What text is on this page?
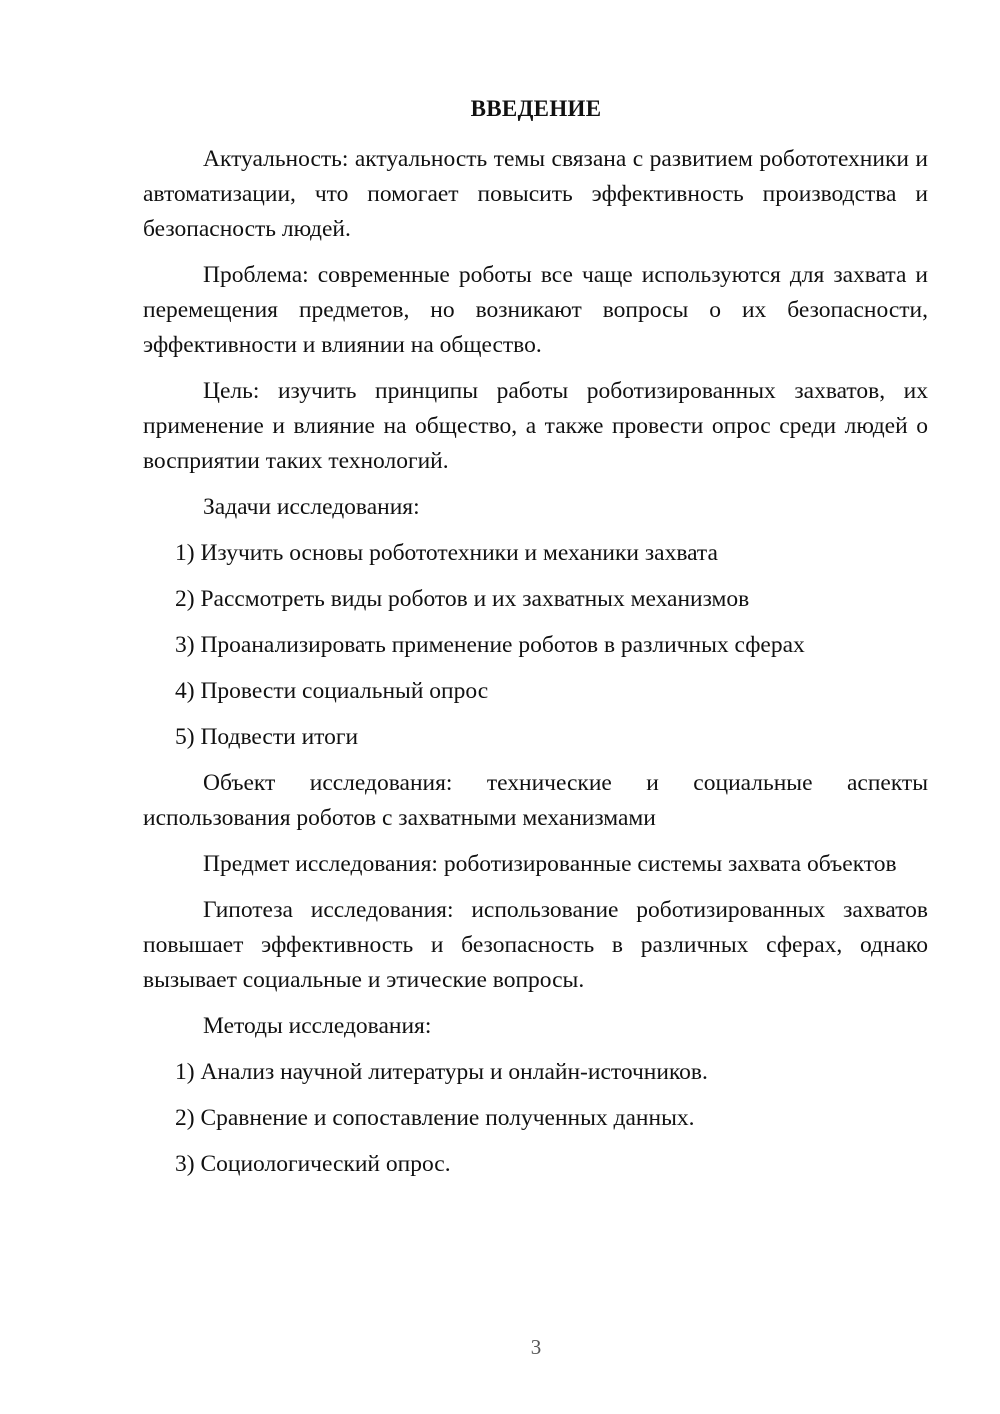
ВВЕДЕНИЕ

Актуальность: актуальность темы связана с развитием робототехники и автоматизации, что помогает повысить эффективность производства и безопасность людей.

Проблема: современные роботы все чаще используются для захвата и перемещения предметов, но возникают вопросы о их безопасности, эффективности и влиянии на общество.

Цель: изучить принципы работы роботизированных захватов, их применение и влияние на общество, а также провести опрос среди людей о восприятии таких технологий.

Задачи исследования:
1) Изучить основы робототехники и механики захвата
2) Рассмотреть виды роботов и их захватных механизмов
3) Проанализировать применение роботов в различных сферах
4) Провести социальный опрос
5) Подвести итоги

Объект исследования: технические и социальные аспекты использования роботов с захватными механизмами

Предмет исследования: роботизированные системы захвата объектов

Гипотеза исследования: использование роботизированных захватов повышает эффективность и безопасность в различных сферах, однако вызывает социальные и этические вопросы.

Методы исследования:
1) Анализ научной литературы и онлайн-источников.
2) Сравнение и сопоставление полученных данных.
3) Социологический опрос.
3
